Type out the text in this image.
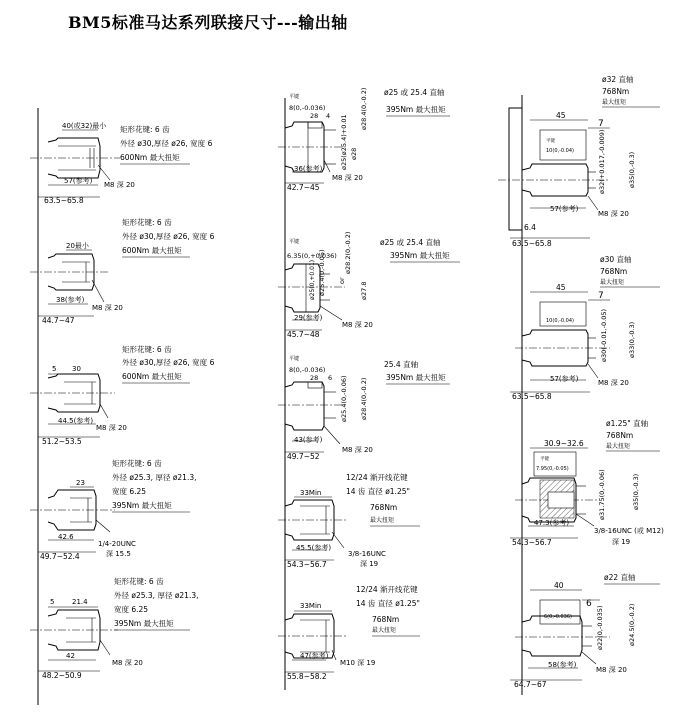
BM5标准马达系列联接尺寸---输出轴
40(或32)最小
M8 深 20
57(参考)
63.5~65.8
矩形花键: 6 齿
外径 ø30,厚径 ø26, 宽度 6
600Nm 最大扭矩
20最小
M8 深 20
38(参考)
44.7~47
矩形花键: 6 齿
外径 ø30,厚径 ø26, 宽度 6
600Nm 最大扭矩
5 30
M8 深 20
44.5(参考)
51.2~53.5
矩形花键: 6 齿
外径 ø30,厚径 ø26, 宽度 6
600Nm 最大扭矩
23
1/4-20UNC
深 15.5
42.6
49.7~52.4
矩形花键: 6 齿
外径 ø25.3, 厚径 ø21.3,
宽度 6.25
395Nm 最大扭矩
5	21.4
M8 深 20
42
48.2~50.9
矩形花键: 6 齿
外径 ø25.3, 厚径 ø21.3,
宽度 6.25
395Nm 最大扭矩
平键
8(0,-0.036)
28 4 ø25(ø25.4)+0.01 ø28
ø28.4(0,-0.2)
M8 深 20
36(参考)
42.7~45
ø25 或 25.4 直轴
395Nm 最大扭矩
平键
6.35(0,+0.036)
ø25(0,+0.01) ø25.4(0,-0.05) or
ø28.2(0,-0.2)
ø27.8
M8 深 20
29(参考)
45.7~48
ø25 或 25.4 直轴
395Nm 最大扭矩
平键
8(0,-0.036)
28 6 ø25.4(0,-0.06) ø28.4(0,-0.2)
M8 深 20
43(参考)
49.7~52
25.4 直轴
395Nm 最大扭矩
33Min
3/8-16UNC
深 19
45.5(参考)
54.3~56.7
12/24 渐开线花键
14 齿 直径 ø1.25"
768Nm
最大扭矩
33Min
M10 深 19
47(参考)
55.8~58.2
12/24 渐开线花键
14 齿 直径 ø1.25"
768Nm
最大扭矩
平键
10(0,-0.04)
45
7
ø32(+0.017,-0.009)	ø35(0,-0.3)
M8 深 20
57(参考)
6.4
63.5~65.8
ø32 直轴
768Nm
最大扭矩
10(0,-0.04)
45
7
ø30(-0.01,-0.05)	ø33(0,-0.3)
M8 深 20
57(参考)
63.5~65.8
ø30 直轴
768Nm
最大扭矩
平键
7.95(0,-0.05)
30.9~32.6
ø31.75(0,-0.06)	ø35(0,-0.3)
3/8-16UNC (或 M12)
深 19
47.3(参考)
54.3~56.7
ø1.25" 直轴
768Nm
最大扭矩
6(0,-0.036)
40
6
ø22(0,-0.035)	ø24.5(0,-0.2)
M8 深 20
58(参考)
64.7~67
ø22 直轴
